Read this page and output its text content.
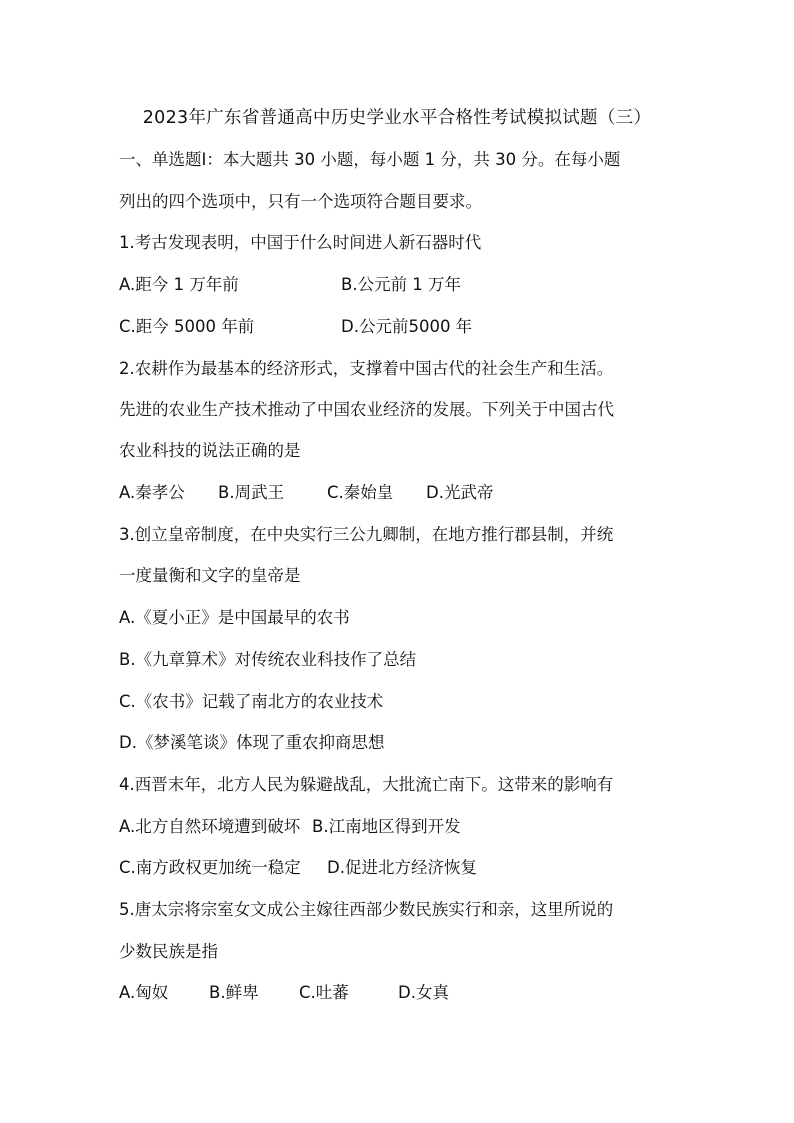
2023年广东省普通高中历史学业水平合格性考试模拟试题（三）
一、单选题I：本大题共 30 小题，每小题 1 分，共 30 分。在每小题
列出的四个选项中，只有一个选项符合题目要求。
1.考古发现表明，中国于什么时间进人新石器时代
A.距今 1 万年前	B.公元前 1 万年
C.距今 5000 年前	D.公元前5000 年
2.农耕作为最基本的经济形式，支撑着中国古代的社会生产和生活。
先进的农业生产技术推动了中国农业经济的发展。下列关于中国古代
农业科技的说法正确的是
A.秦孝公 B.周武王	C.秦始皇 D.光武帝
3.创立皇帝制度，在中央实行三公九卿制，在地方推行郡县制，并统
一度量衡和文字的皇帝是
A.《夏小正》是中国最早的农书
B.《九章算术》对传统农业科技作了总结
C.《农书》记载了南北方的农业技术
D.《梦溪笔谈》体现了重农抑商思想
4.西晋末年，北方人民为躲避战乱，大批流亡南下。这带来的影响有
A.北方自然环境遭到破坏 B.江南地区得到开发
C.南方政权更加统一稳定 D.促进北方经济恢复
5.唐太宗将宗室女文成公主嫁往西部少数民族实行和亲，这里所说的
少数民族是指
A.匈奴 B.鲜卑 C.吐蕃	D.女真
